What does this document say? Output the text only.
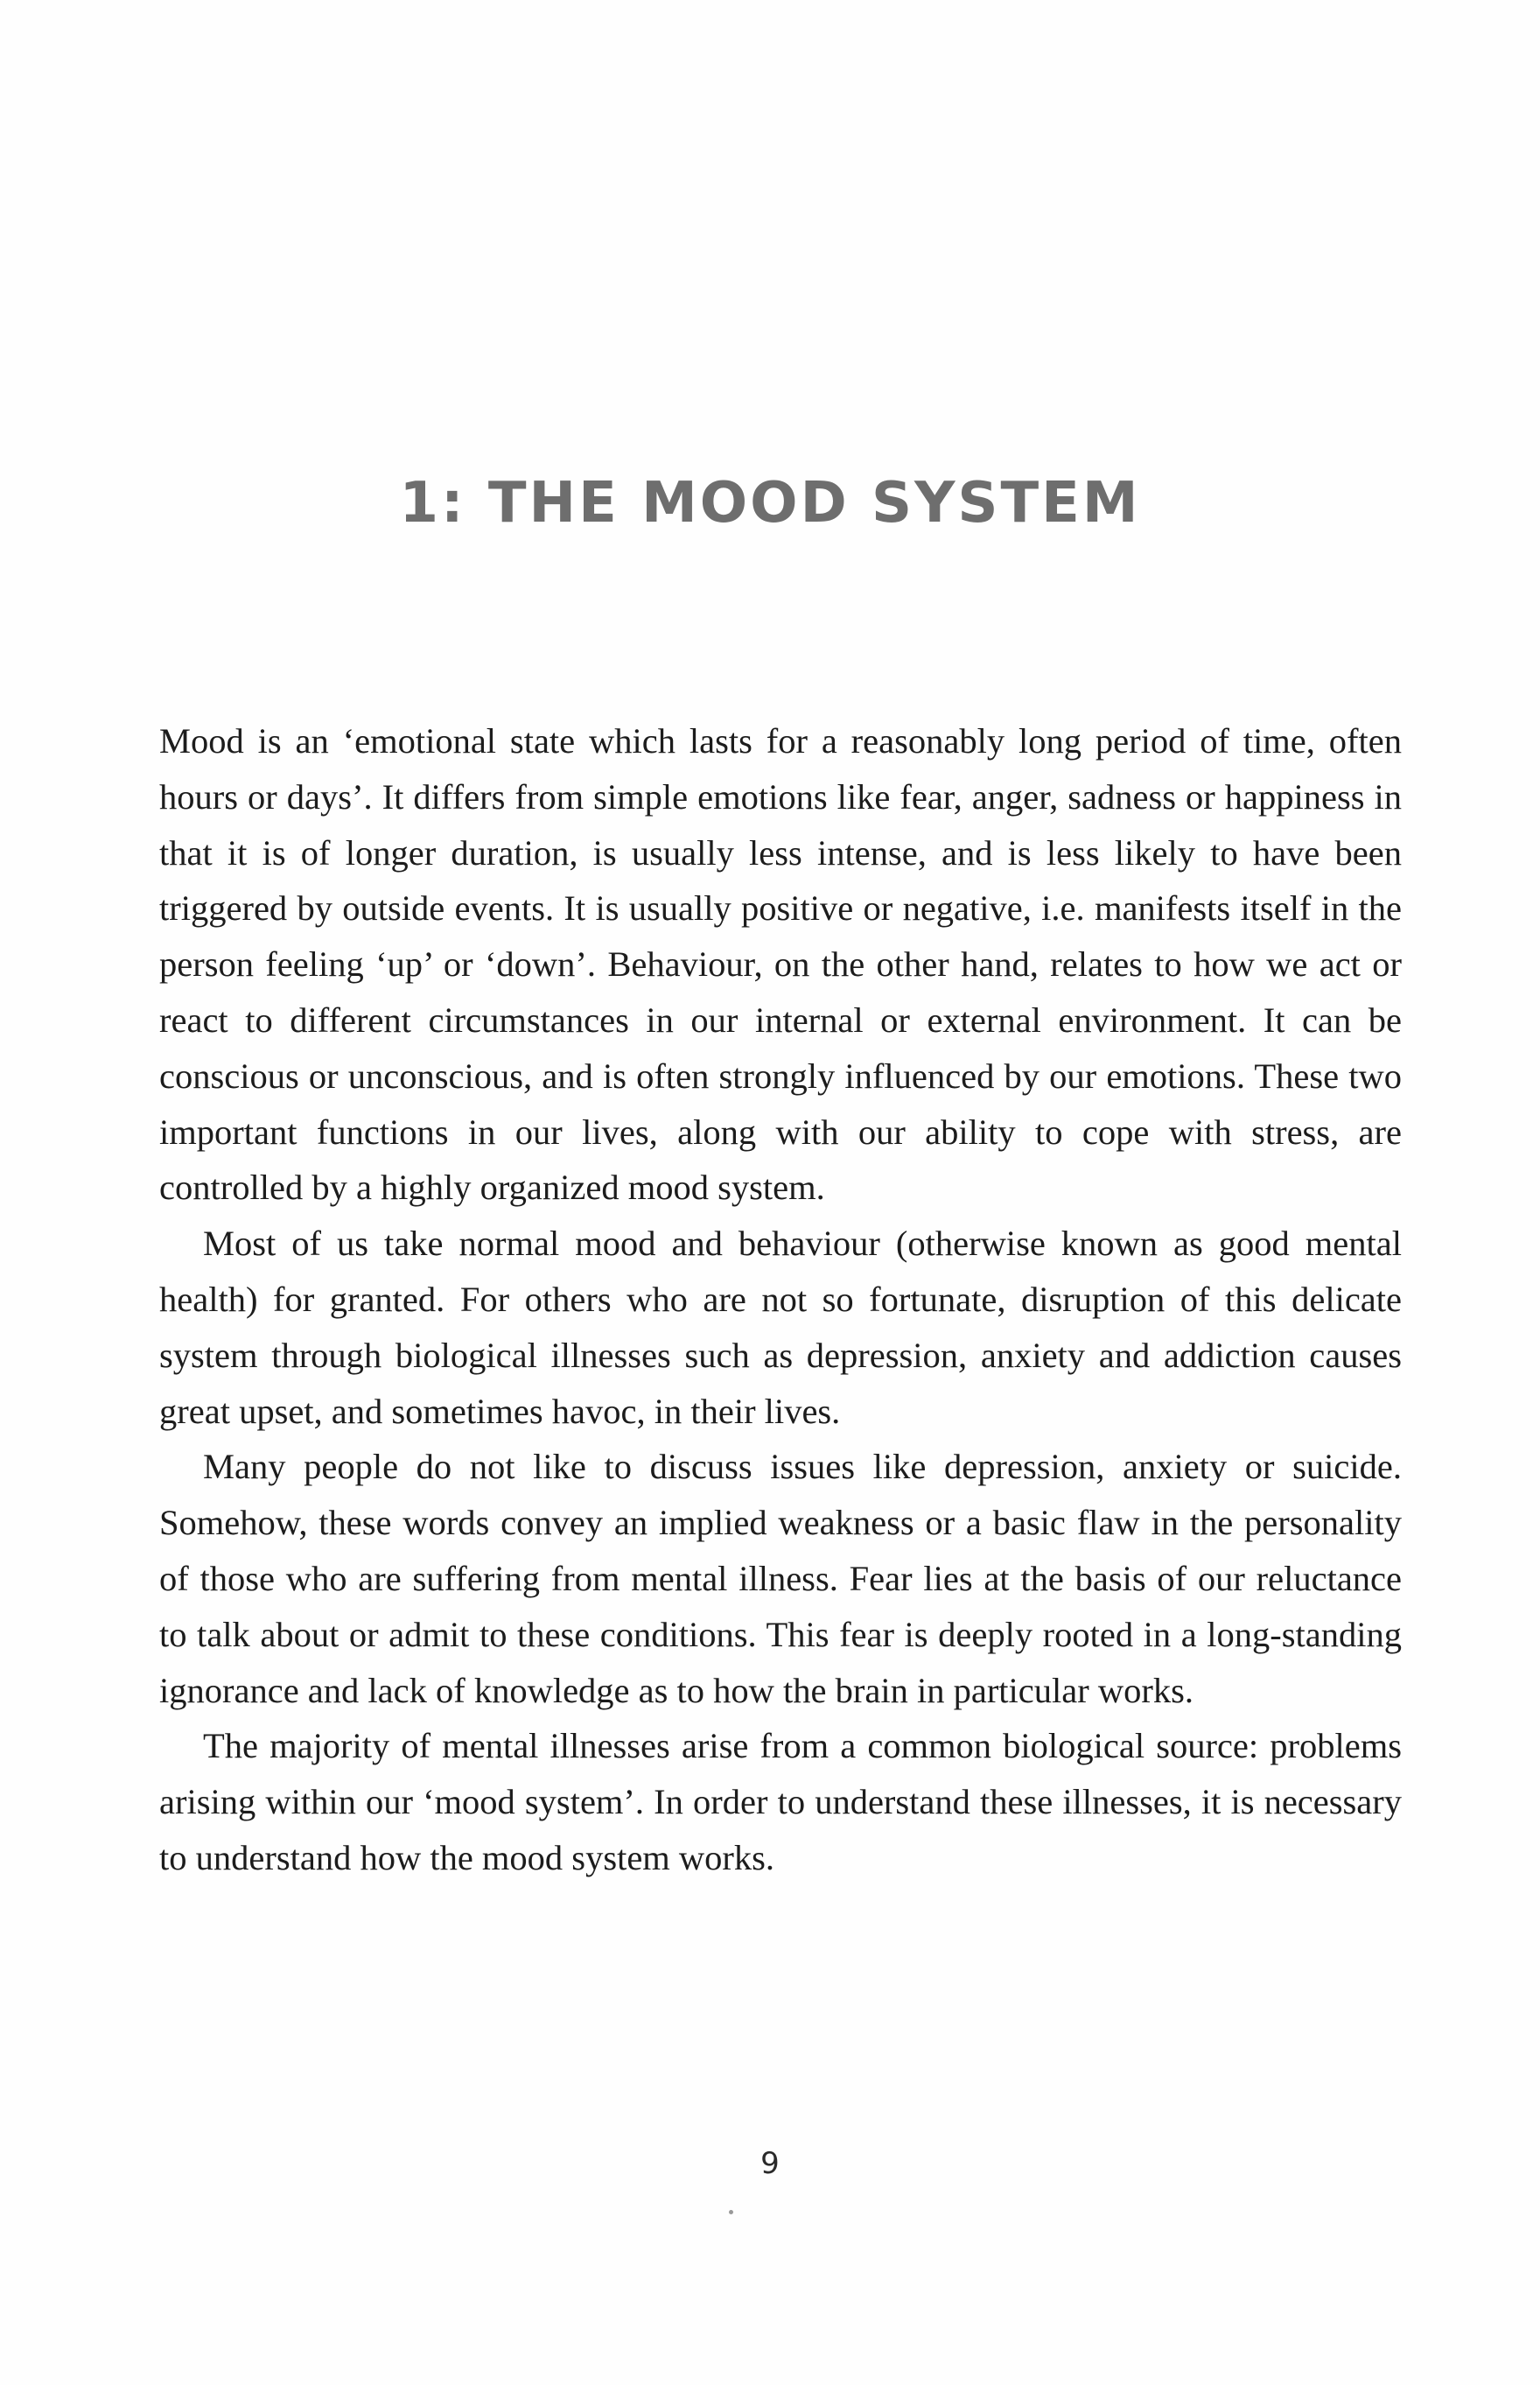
1: THE MOOD SYSTEM

Mood is an ‘emotional state which lasts for a reasonably long period of time, often hours or days’. It differs from simple emotions like fear, anger, sadness or happiness in that it is of longer duration, is usually less intense, and is less likely to have been triggered by outside events. It is usually positive or negative, i.e. manifests itself in the person feeling ‘up’ or ‘down’. Behaviour, on the other hand, relates to how we act or react to different circumstances in our internal or external environment. It can be conscious or unconscious, and is often strongly influenced by our emotions. These two important functions in our lives, along with our ability to cope with stress, are controlled by a highly organized mood system.

Most of us take normal mood and behaviour (otherwise known as good mental health) for granted. For others who are not so fortunate, disruption of this delicate system through biological illnesses such as depression, anxiety and addiction causes great upset, and sometimes havoc, in their lives.

Many people do not like to discuss issues like depression, anxiety or suicide. Somehow, these words convey an implied weakness or a basic flaw in the personality of those who are suffering from mental illness. Fear lies at the basis of our reluctance to talk about or admit to these conditions. This fear is deeply rooted in a long-standing ignorance and lack of knowledge as to how the brain in particular works.

The majority of mental illnesses arise from a common biological source: problems arising within our ‘mood system’. In order to understand these illnesses, it is necessary to understand how the mood system works.

9
